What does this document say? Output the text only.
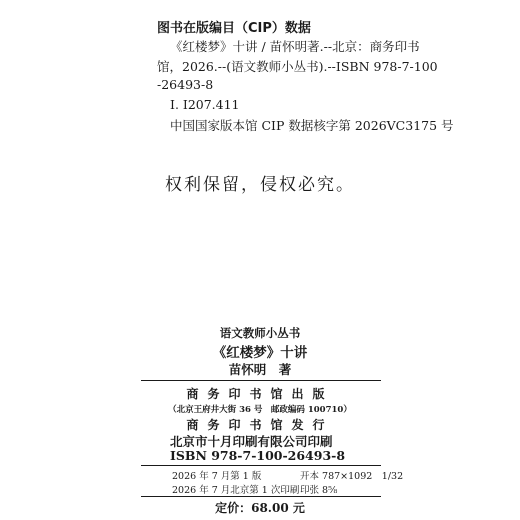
图书在版编目（CIP）数据
《红楼梦》十讲 / 苗怀明著.--北京：商务印书
馆，2026.--(语文教师小丛书).--ISBN 978-7-100
-26493-8
Ⅰ. I207.411
中国国家版本馆 CIP 数据核字第 2026VC3175 号
权利保留，侵权必究。
语文教师小丛书
《红楼梦》十讲
苗怀明　著
商务印书馆出版
（北京王府井大街 36 号　邮政编码 100710）
商务印书馆发行
北京市十月印刷有限公司印刷
ISBN 978-7-100-26493-8
2026 年 7 月第 1 版	开本 787×1092　1/32
2026 年 7 月北京第 1 次印刷 印张 8⅝
定价：68.00 元
